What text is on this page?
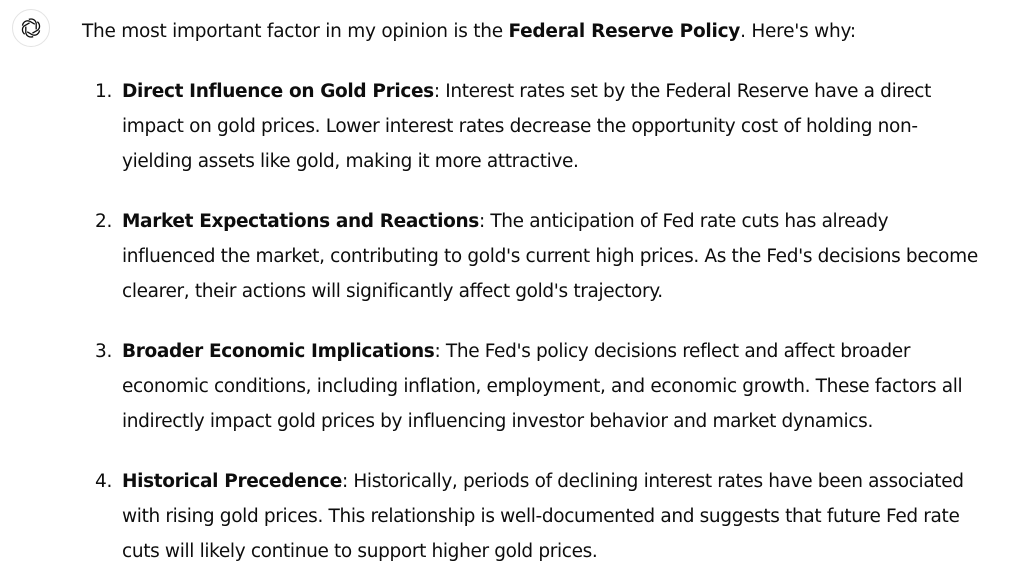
The most important factor in my opinion is the Federal Reserve Policy. Here's why:

1. Direct Influence on Gold Prices: Interest rates set by the Federal Reserve have a direct impact on gold prices. Lower interest rates decrease the opportunity cost of holding non-yielding assets like gold, making it more attractive.

2. Market Expectations and Reactions: The anticipation of Fed rate cuts has already influenced the market, contributing to gold's current high prices. As the Fed's decisions become clearer, their actions will significantly affect gold's trajectory.

3. Broader Economic Implications: The Fed's policy decisions reflect and affect broader economic conditions, including inflation, employment, and economic growth. These factors all indirectly impact gold prices by influencing investor behavior and market dynamics.

4. Historical Precedence: Historically, periods of declining interest rates have been associated with rising gold prices. This relationship is well-documented and suggests that future Fed rate cuts will likely continue to support higher gold prices.
